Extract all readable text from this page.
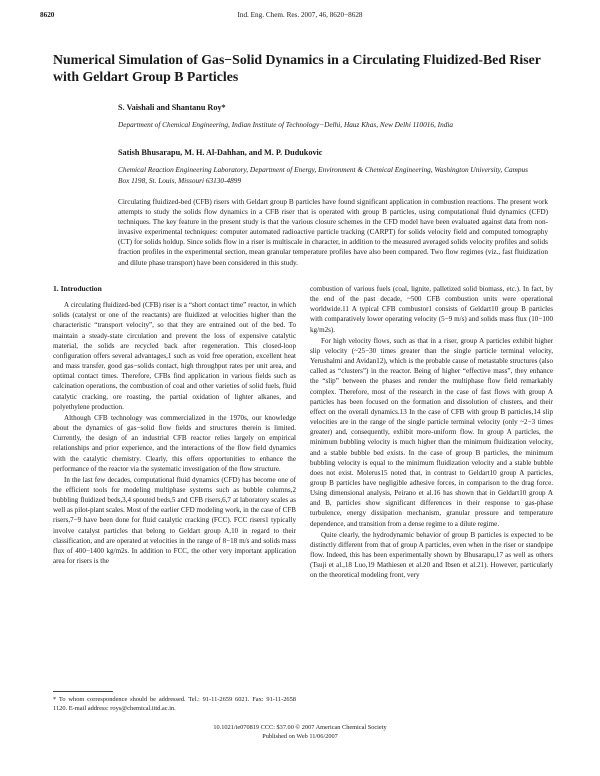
8620	Ind. Eng. Chem. Res. 2007, 46, 8620−8628
Numerical Simulation of Gas−Solid Dynamics in a Circulating Fluidized-Bed Riser with Geldart Group B Particles
S. Vaishali and Shantanu Roy*
Department of Chemical Engineering, Indian Institute of Technology−Delhi, Hauz Khas, New Delhi 110016, India
Satish Bhusarapu, M. H. Al-Dahhan, and M. P. Dudukovic
Chemical Reaction Engineering Laboratory, Department of Energy, Environment & Chemical Engineering, Washington University, Campus Box 1198, St. Louis, Missouri 63130-4899
Circulating fluidized-bed (CFB) risers with Geldart group B particles have found significant application in combustion reactions. The present work attempts to study the solids flow dynamics in a CFB riser that is operated with group B particles, using computational fluid dynamics (CFD) techniques. The key feature in the present study is that the various closure schemes in the CFD model have been evaluated against data from non-invasive experimental techniques: computer automated radioactive particle tracking (CARPT) for solids velocity field and computed tomography (CT) for solids holdup. Since solids flow in a riser is multiscale in character, in addition to the measured averaged solids velocity profiles and solids fraction profiles in the experimental section, mean granular temperature profiles have also been compared. Two flow regimes (viz., fast fluidization and dilute phase transport) have been considered in this study.
1. Introduction

A circulating fluidized-bed (CFB) riser is a “short contact time” reactor, in which solids (catalyst or one of the reactants) are fluidized at velocities higher than the characteristic “transport velocity”, so that they are entrained out of the bed. To maintain a steady-state circulation and prevent the loss of expensive catalytic material, the solids are recycled back after regeneration. This closed-loop configuration offers several advantages,1 such as void free operation, excellent heat and mass transfer, good gas−solids contact, high throughput rates per unit area, and optimal contact times. Therefore, CFBs find application in various fields such as calcination operations, the combustion of coal and other varieties of solid fuels, fluid catalytic cracking, ore roasting, the partial oxidation of lighter alkanes, and polyethylene production.

Although CFB technology was commercialized in the 1970s, our knowledge about the dynamics of gas−solid flow fields and structures therein is limited. Currently, the design of an industrial CFB reactor relies largely on empirical relationships and prior experience, and the interactions of the flow field dynamics with the catalytic chemistry. Clearly, this offers opportunities to enhance the performance of the reactor via the systematic investigation of the flow structure.

In the last few decades, computational fluid dynamics (CFD) has become one of the efficient tools for modeling multiphase systems such as bubble columns,2 bubbling fluidized beds,3,4 spouted beds,5 and CFB risers,6,7 at laboratory scales as well as pilot-plant scales. Most of the earlier CFD modeling work, in the case of CFB risers,7−9 have been done for fluid catalytic cracking (FCC). FCC risers1 typically involve catalyst particles that belong to Geldart group A,10 in regard to their classification, and are operated at velocities in the range of 8−18 m/s and solids mass flux of 400−1400 kg/m2s. In addition to FCC, the other very important application area for risers is the

combustion of various fuels (coal, lignite, palletized solid biomass, etc.). In fact, by the end of the past decade, ~500 CFB combustion units were operational worldwide.11 A typical CFB combustor1 consists of Geldart10 group B particles with comparatively lower operating velocity (5−9 m/s) and solids mass flux (10−100 kg/m2s).

For high velocity flows, such as that in a riser, group A particles exhibit higher slip velocity (~25−30 times greater than the single particle terminal velocity, Yerushalmi and Avidan12), which is the probable cause of metastable structures (also called as “clusters”) in the reactor. Being of higher “effective mass”, they enhance the “slip” between the phases and render the multiphase flow field remarkably complex. Therefore, most of the research in the case of fast flows with group A particles has been focused on the formation and dissolution of clusters, and their effect on the overall dynamics.13 In the case of CFB with group B particles,14 slip velocities are in the range of the single particle terminal velocity (only ~2−3 times greater) and, consequently, exhibit more-uniform flow. In group A particles, the minimum bubbling velocity is much higher than the minimum fluidization velocity, and a stable bubble bed exists. In the case of group B particles, the minimum bubbling velocity is equal to the minimum fluidization velocity and a stable bubble does not exist. Molerus15 noted that, in contrast to Geldart10 group A particles, group B particles have negligible adhesive forces, in comparison to the drag force. Using dimensional analysis, Peirano et al.16 has shown that in Geldart10 group A and B, particles show significant differences in their response to gas-phase turbulence, energy dissipation mechanism, granular pressure and temperature dependence, and transition from a dense regime to a dilute regime.

Quite clearly, the hydrodynamic behavior of group B particles is expected to be distinctly different from that of group A particles, even when in the riser or standpipe flow. Indeed, this has been experimentally shown by Bhusarapu,17 as well as others (Tsuji et al.,18 Luo,19 Mathiesen et al.20 and Ibsen et al.21). However, particularly on the theoretical modeling front, very

* To whom correspondence should be addressed. Tel.: 91-11-2659 6021. Fax: 91-11-2658 1120. E-mail address: roys@chemical.iitd.ac.in.
10.1021/ie070819 CCC: $37.00 © 2007 American Chemical Society
Published on Web 11/06/2007
